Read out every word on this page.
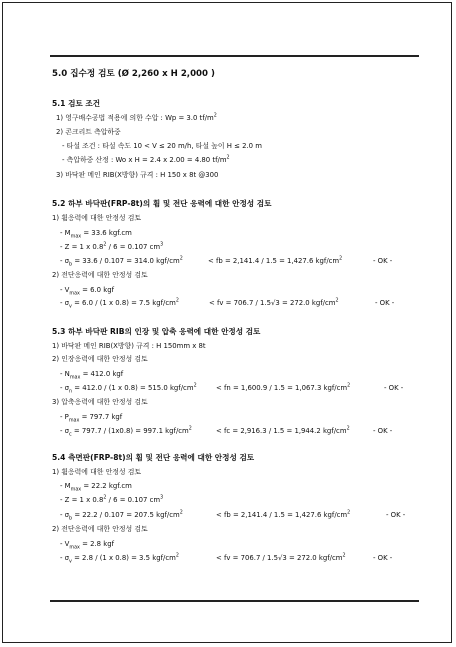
5.0 집수정 검토 (Ø 2,260 x H 2,000 )
5.1 검토 조건
1) 영구배수공법 적용에 의한 수압 : Wp = 3.0 $tf/m^2$
2) 콘크리트 측압하중
- 타설 조건 : 타설 속도 10 < V ≤ 20 m/h, 타설 높이 H ≤ 2.0 m
- 측압하중 산정 : Wo x H = 2.4 x 2.00 = 4.80 $tf/m^2$
3) 바닥판 메인 RIB(X방향) 규격 : H 150 x 8t @300
5.2 하부 바닥판(FRP-8t)의 휨 및 전단 응력에 대한 안정성 검토
1) 휨응력에 대한 안정성 검토
- $M_{max} = 33.6$ kgf.cm
- Z = 1 x $0.8^2 / 6 = 0.107$ $cm^3$
- $\sigma_b = 33.6 / 0.107 = 314.0$ kgf/$cm^2$	< fb = 2,141.4 / 1.5 = 1,427.6 kgf/$cm^2$	- OK -
2) 전단응력에 대한 안정성 검토
- $V_{max} = 6.0$ kgf
- $\sigma_v = 6.0 / (1$ x 0.8) = 7.5 kgf/$cm^2$	< fv = 706.7 / 1.5√3 = 272.0 kgf/$cm^2$	- OK -
5.3 하부 바닥판 RIB의 인장 및 압축 응력에 대한 안정성 검토
1) 바닥판 메인 RIB(X방향) 규격 : H 150mm x 8t
2) 인장응력에 대한 안정성 검토
- $N_{max} = 412.0$ kgf
- $\sigma_n = 412.0 / (1$ x 0.8) = 515.0 kgf/$cm^2$	< fn = 1,600.9 / 1.5 = 1,067.3 kgf/$cm^2$	- OK -
3) 압축응력에 대한 안정성 검토
- $P_{max} = 797.7$ kgf
- $\sigma_c = 797.7 / (1x0.8) = 997.1$ kgf/$cm^2$	< fc = 2,916.3 / 1.5 = 1,944.2 kgf/$cm^2$	- OK -
5.4 측면판(FRP-8t)의 휨 및 전단 응력에 대한 안정성 검토
1) 휨응력에 대한 안정성 검토
- $M_{max} = 22.2$ kgf.cm
- Z = 1 x $0.8^2 / 6 = 0.107$ $cm^3$
- $\sigma_b = 22.2 / 0.107 = 207.5$ kgf/$cm^2$	< fb = 2,141.4 / 1.5 = 1,427.6 kgf/$cm^2$	- OK -
2) 전단응력에 대한 안정성 검토
- $V_{max} = 2.8$ kgf
- $\sigma_v = 2.8 / (1$ x 0.8) = 3.5 kgf/$cm^2$	< fv = 706.7 / 1.5√3 = 272.0 kgf/$cm^2$	- OK -
